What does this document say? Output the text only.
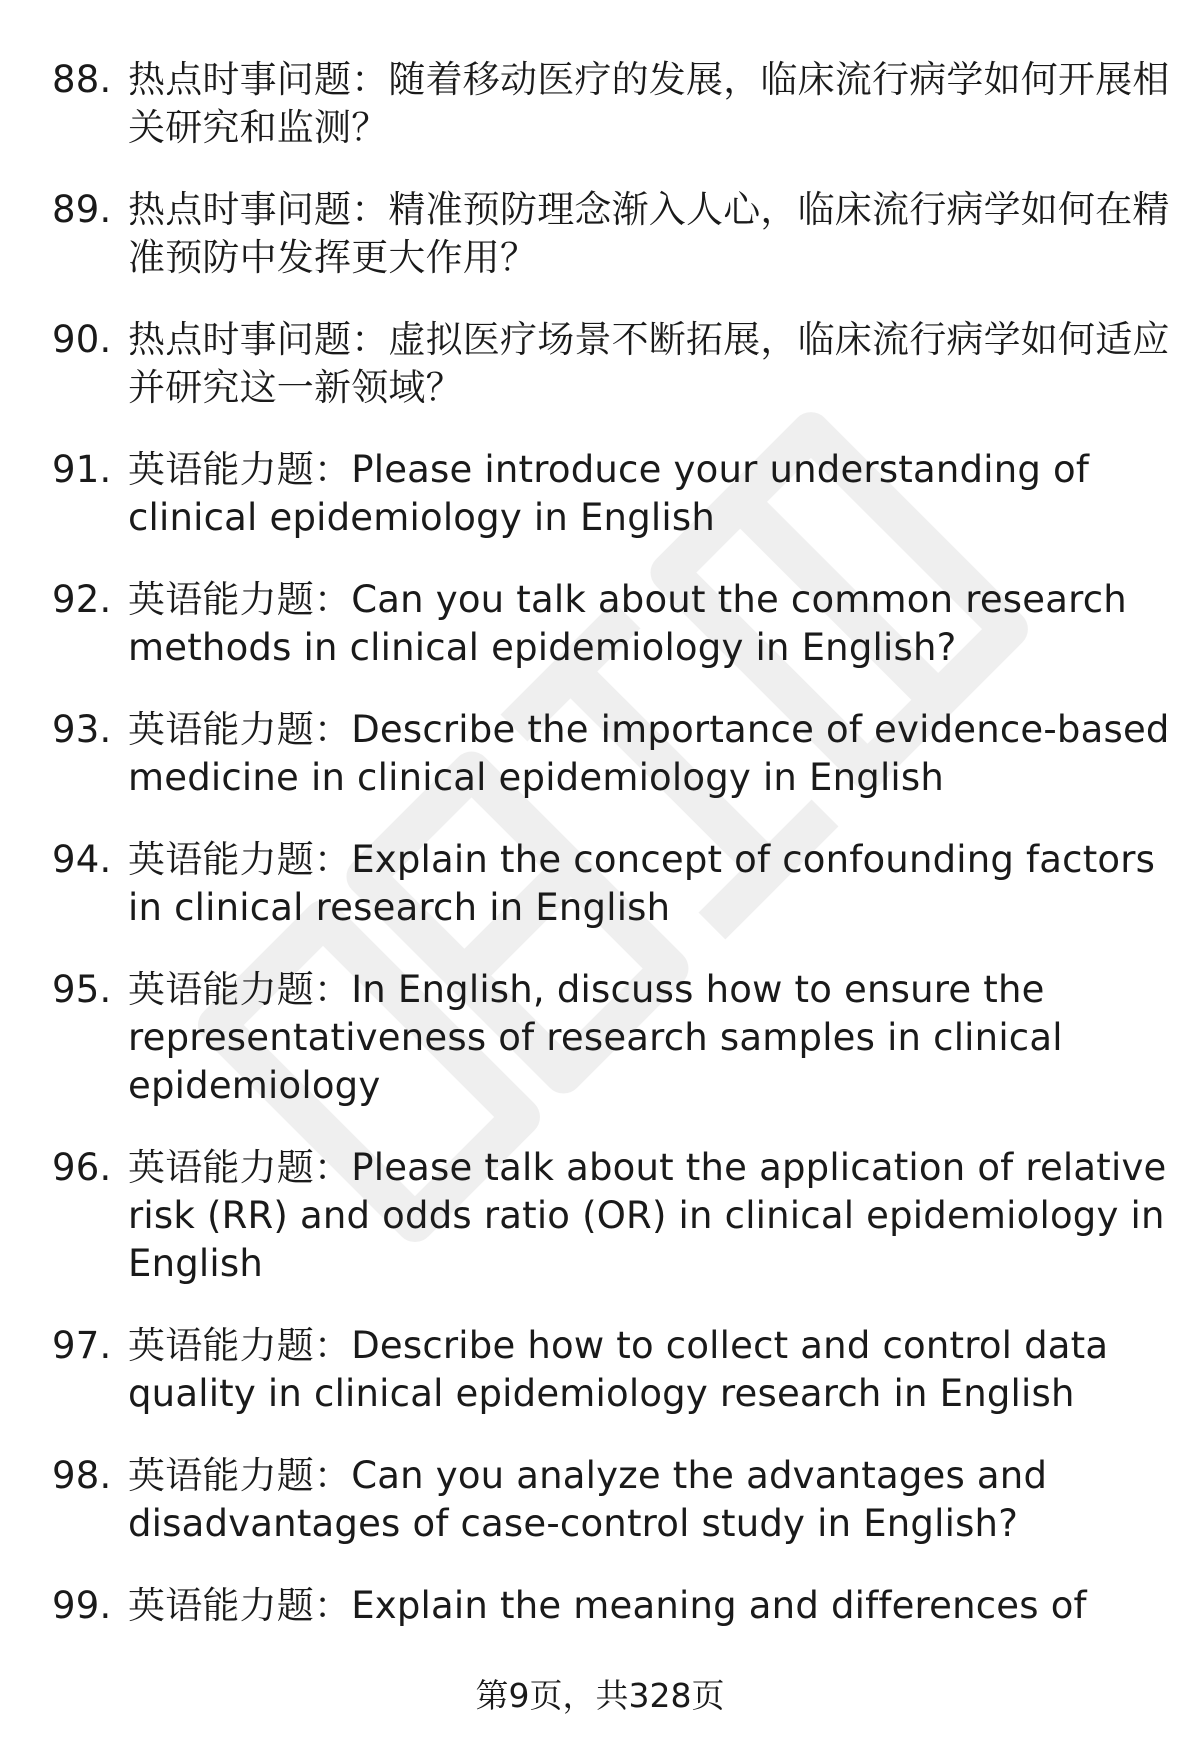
88. 热点时事问题：随着移动医疗的发展，临床流行病学如何开展相关研究和监测？
89. 热点时事问题：精准预防理念渐入人心，临床流行病学如何在精准预防中发挥更大作用？
90. 热点时事问题：虚拟医疗场景不断拓展，临床流行病学如何适应并研究这一新领域？
91. 英语能力题：Please introduce your understanding of clinical epidemiology in English
92. 英语能力题：Can you talk about the common research methods in clinical epidemiology in English?
93. 英语能力题：Describe the importance of evidence-based medicine in clinical epidemiology in English
94. 英语能力题：Explain the concept of confounding factors in clinical research in English
95. 英语能力题：In English, discuss how to ensure the representativeness of research samples in clinical epidemiology
96. 英语能力题：Please talk about the application of relative risk (RR) and odds ratio (OR) in clinical epidemiology in English
97. 英语能力题：Describe how to collect and control data quality in clinical epidemiology research in English
98. 英语能力题：Can you analyze the advantages and disadvantages of case-control study in English?
99. 英语能力题：Explain the meaning and differences of
第9页，共328页
